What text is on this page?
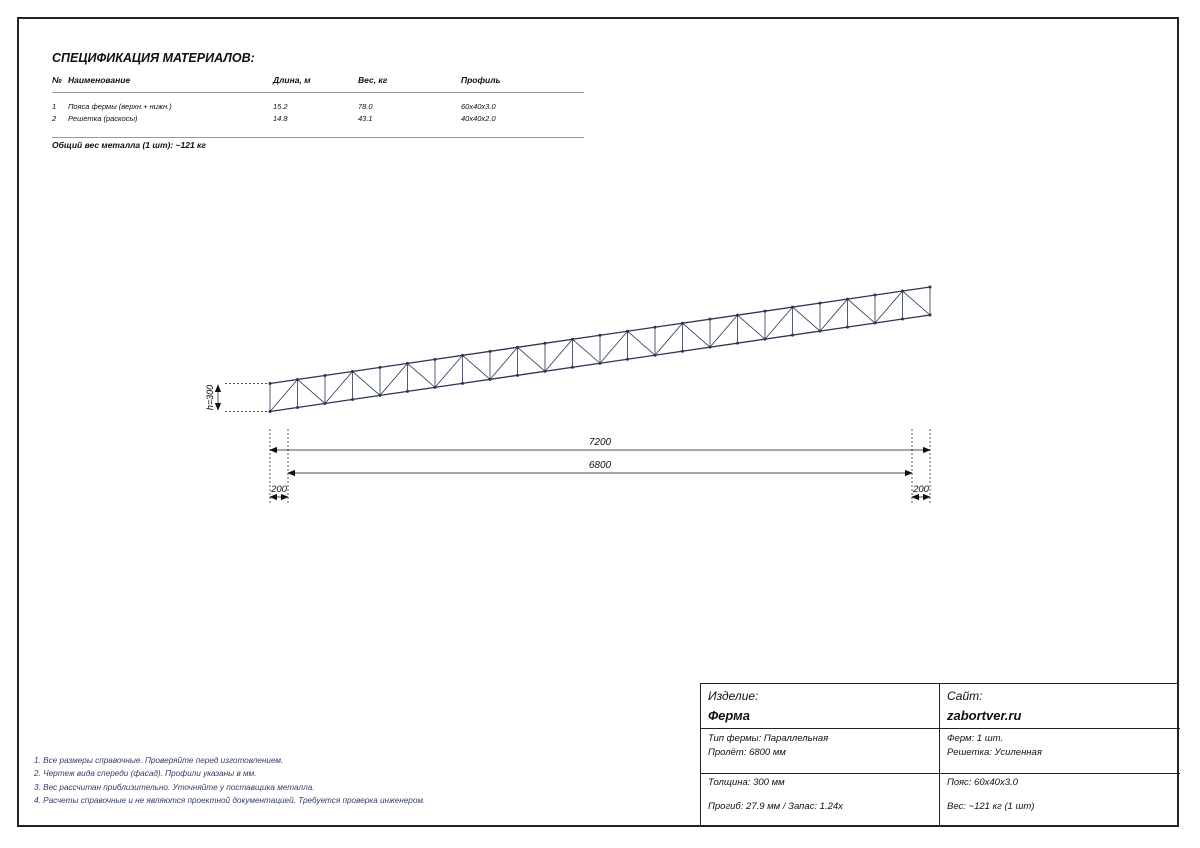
СПЕЦИФИКАЦИЯ МАТЕРИАЛОВ:
№ Наименование	Длина, м	Вес, кг	Профиль
1 Пояса фермы (верхн.+ нижн.)	15.2	78.0	60x40x3.0
2 Решетка (раскосы)	14.8	43.1	40x40x2.0
Общий вес металла (1 шт): ~121 кг
h=300
7200
6800
200	200
1. Все размеры справочные. Проверяйте перед изготовлением.
2. Чертеж вида спереди (фасад). Профили указаны в мм.
3. Вес рассчитан приблизительно. Уточняйте у поставщика металла.
4. Расчеты справочные и не являются проектной документацией. Требуется проверка инженером.
Изделие:
Ферма
Сайт:
zabortver.ru
Тип фермы: Параллельная
Пролёт: 6800 мм
Ферм: 1 шт.
Решетка: Усиленная
Толщина: 300 мм	Пояс: 60x40x3.0
Прогиб: 27.9 мм / Запас: 1.24x	Вес: ~121 кг (1 шт)
